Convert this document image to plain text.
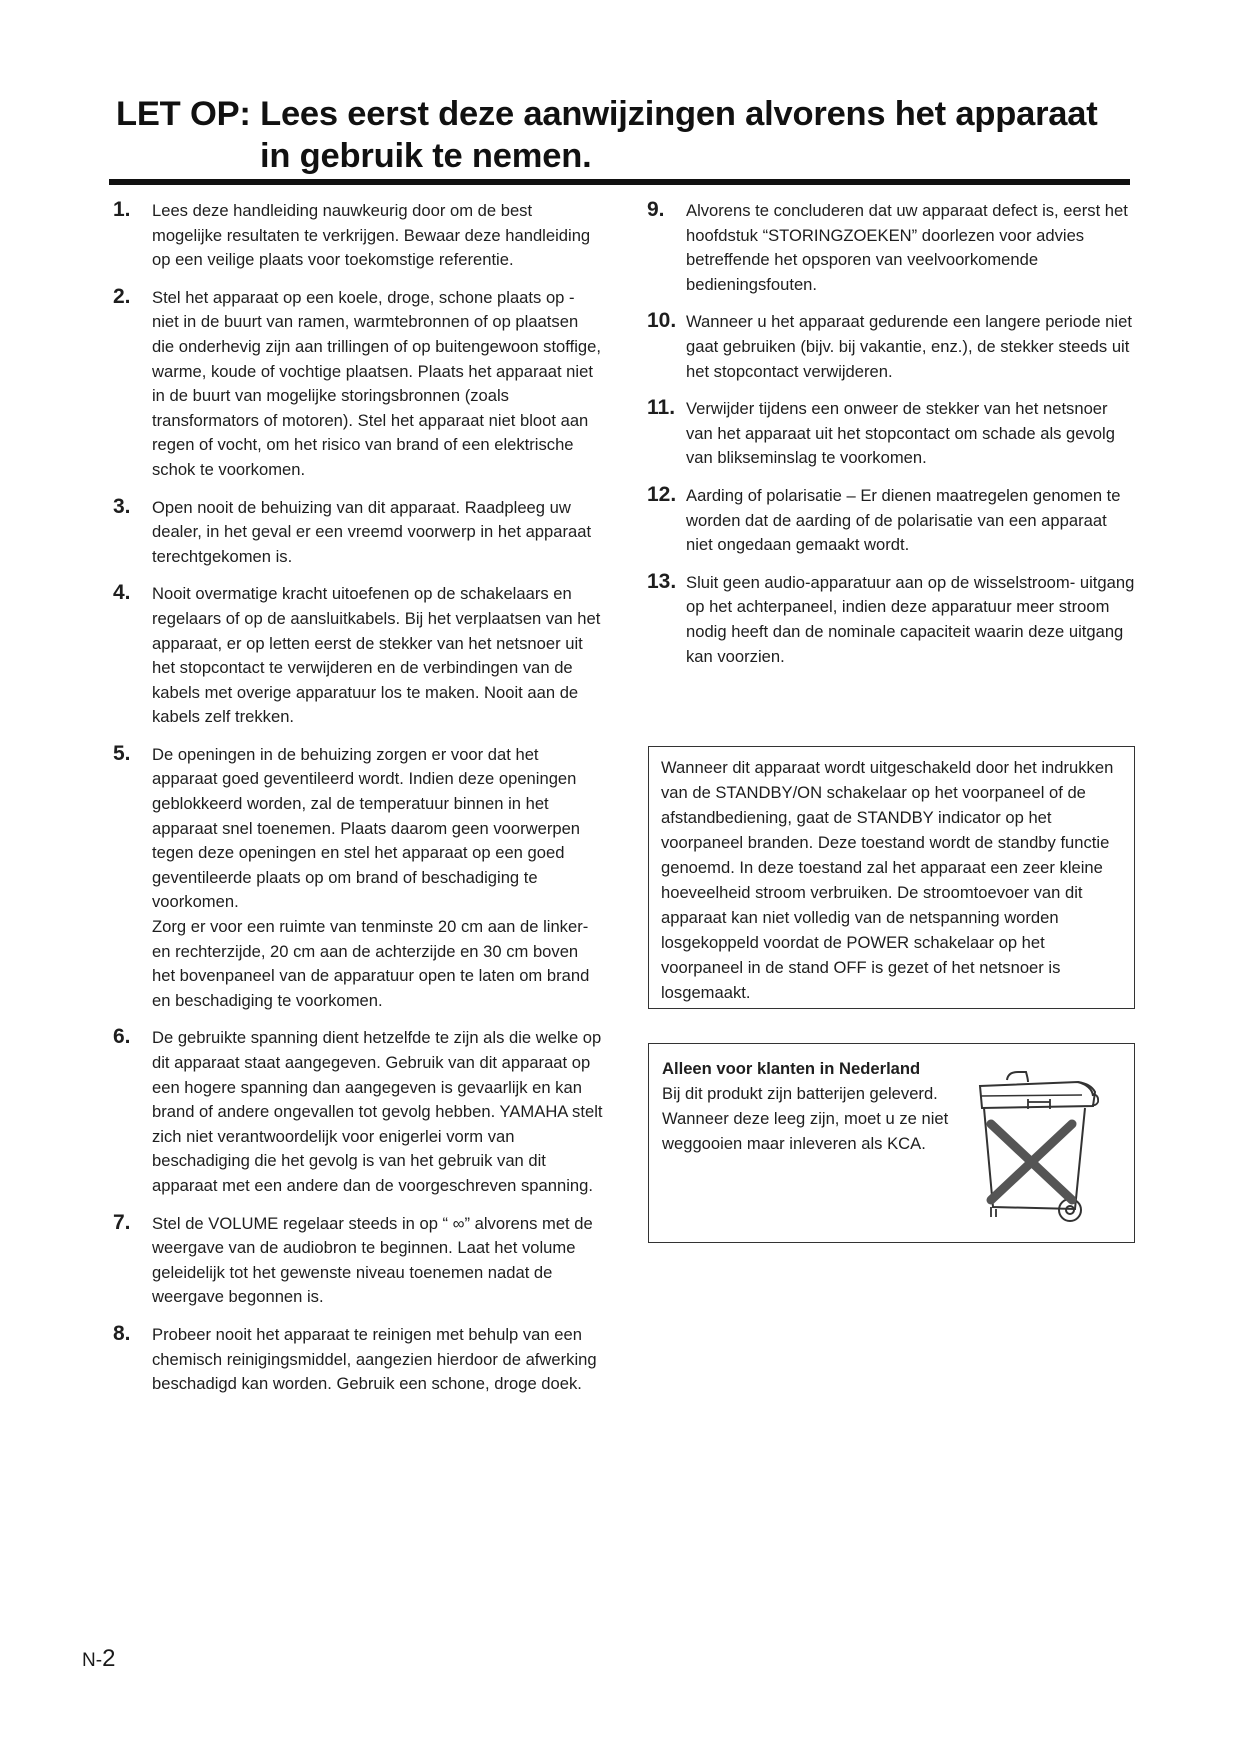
LET OP: Lees eerst deze aanwijzingen alvorens het apparaat
in gebruik te nemen.
1. Lees deze handleiding nauwkeurig door om de best mogelijke resultaten te verkrijgen. Bewaar deze handleiding op een veilige plaats voor toekomstige referentie.

2. Stel het apparaat op een koele, droge, schone plaats op - niet in de buurt van ramen, warmtebronnen of op plaatsen die onderhevig zijn aan trillingen of op buitengewoon stoffige, warme, koude of vochtige plaatsen. Plaats het apparaat niet in de buurt van mogelijke storingsbronnen (zoals transformators of motoren). Stel het apparaat niet bloot aan regen of vocht, om het risico van brand of een elektrische schok te voorkomen.

3. Open nooit de behuizing van dit apparaat. Raadpleeg uw dealer, in het geval er een vreemd voorwerp in het apparaat terechtgekomen is.

4. Nooit overmatige kracht uitoefenen op de schakelaars en regelaars of op de aansluitkabels. Bij het verplaatsen van het apparaat, er op letten eerst de stekker van het netsnoer uit het stopcontact te verwijderen en de verbindingen van de kabels met overige apparatuur los te maken. Nooit aan de kabels zelf trekken.

5. De openingen in de behuizing zorgen er voor dat het apparaat goed geventileerd wordt. Indien deze openingen geblokkeerd worden, zal de temperatuur binnen in het apparaat snel toenemen. Plaats daarom geen voorwerpen tegen deze openingen en stel het apparaat op een goed geventileerde plaats op om brand of beschadiging te voorkomen.

Zorg er voor een ruimte van tenminste 20 cm aan de linker- en rechterzijde, 20 cm aan de achterzijde en 30 cm boven het bovenpaneel van de apparatuur open te laten om brand en beschadiging te voorkomen.

6. De gebruikte spanning dient hetzelfde te zijn als die welke op dit apparaat staat aangegeven. Gebruik van dit apparaat op een hogere spanning dan aangegeven is gevaarlijk en kan brand of andere ongevallen tot gevolg hebben. YAMAHA stelt zich niet verantwoordelijk voor enigerlei vorm van beschadiging die het gevolg is van het gebruik van dit apparaat met een andere dan de voorgeschreven spanning.

7. Stel de VOLUME regelaar steeds in op “ ∞” alvorens met de weergave van de audiobron te beginnen. Laat het volume geleidelijk tot het gewenste niveau toenemen nadat de weergave begonnen is.

8. Probeer nooit het apparaat te reinigen met behulp van een chemisch reinigingsmiddel, aangezien hierdoor de afwerking beschadigd kan worden. Gebruik een schone, droge doek.

9. Alvorens te concluderen dat uw apparaat defect is, eerst het hoofdstuk “STORINGZOEKEN” doorlezen voor advies betreffende het opsporen van veelvoorkomende bedieningsfouten.

10. Wanneer u het apparaat gedurende een langere periode niet gaat gebruiken (bijv. bij vakantie, enz.), de stekker steeds uit het stopcontact verwijderen.

11. Verwijder tijdens een onweer de stekker van het netsnoer van het apparaat uit het stopcontact om schade als gevolg van blikseminslag te voorkomen.

12. Aarding of polarisatie – Er dienen maatregelen genomen te worden dat de aarding of de polarisatie van een apparaat niet ongedaan gemaakt wordt.

13. Sluit geen audio-apparatuur aan op de wisselstroom- uitgang op het achterpaneel, indien deze apparatuur meer stroom nodig heeft dan de nominale capaciteit waarin deze uitgang kan voorzien.

Wanneer dit apparaat wordt uitgeschakeld door het indrukken van de STANDBY/ON schakelaar op het voorpaneel of de afstandbediening, gaat de STANDBY indicator op het voorpaneel branden. Deze toestand wordt de standby functie genoemd. In deze toestand zal het apparaat een zeer kleine hoeveelheid stroom verbruiken. De stroomtoevoer van dit apparaat kan niet volledig van de netspanning worden losgekoppeld voordat de POWER schakelaar op het voorpaneel in de stand OFF is gezet of het netsnoer is losgemaakt.
Alleen voor klanten in Nederland
Bij dit produkt zijn batterijen geleverd. Wanneer deze leeg zijn, moet u ze niet weggooien maar inleveren als KCA.
N-2
